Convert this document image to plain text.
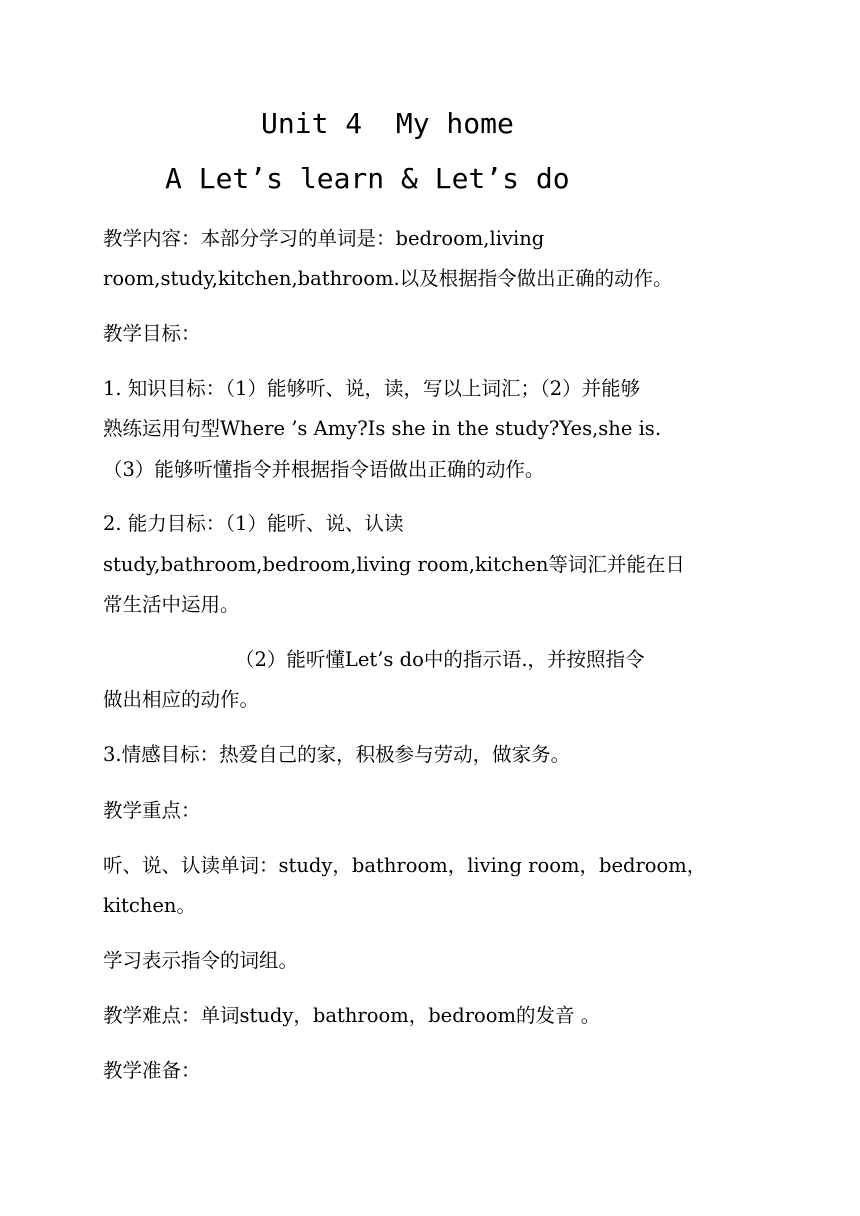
Unit 4  My home
A Let’s learn & Let’s do
教学内容：本部分学习的单词是：bedroom,living
room,study,kitchen,bathroom.以及根据指令做出正确的动作。
教学目标：
1. 知识目标：（1）能够听、说，读，写以上词汇；（2）并能够
熟练运用句型Where ’s Amy?Is she in the study?Yes,she is.
（3）能够听懂指令并根据指令语做出正确的动作。
2. 能力目标：（1）能听、说、认读
study,bathroom,bedroom,living room,kitchen等词汇并能在日
常生活中运用。
（2）能听懂Let’s do中的指示语.，并按照指令
做出相应的动作。
3.情感目标：热爱自己的家，积极参与劳动，做家务。
教学重点：
听、说、认读单词：study，bathroom，living room，bedroom，
kitchen。
学习表示指令的词组。
教学难点：单词study，bathroom，bedroom的发音 。
教学准备：
